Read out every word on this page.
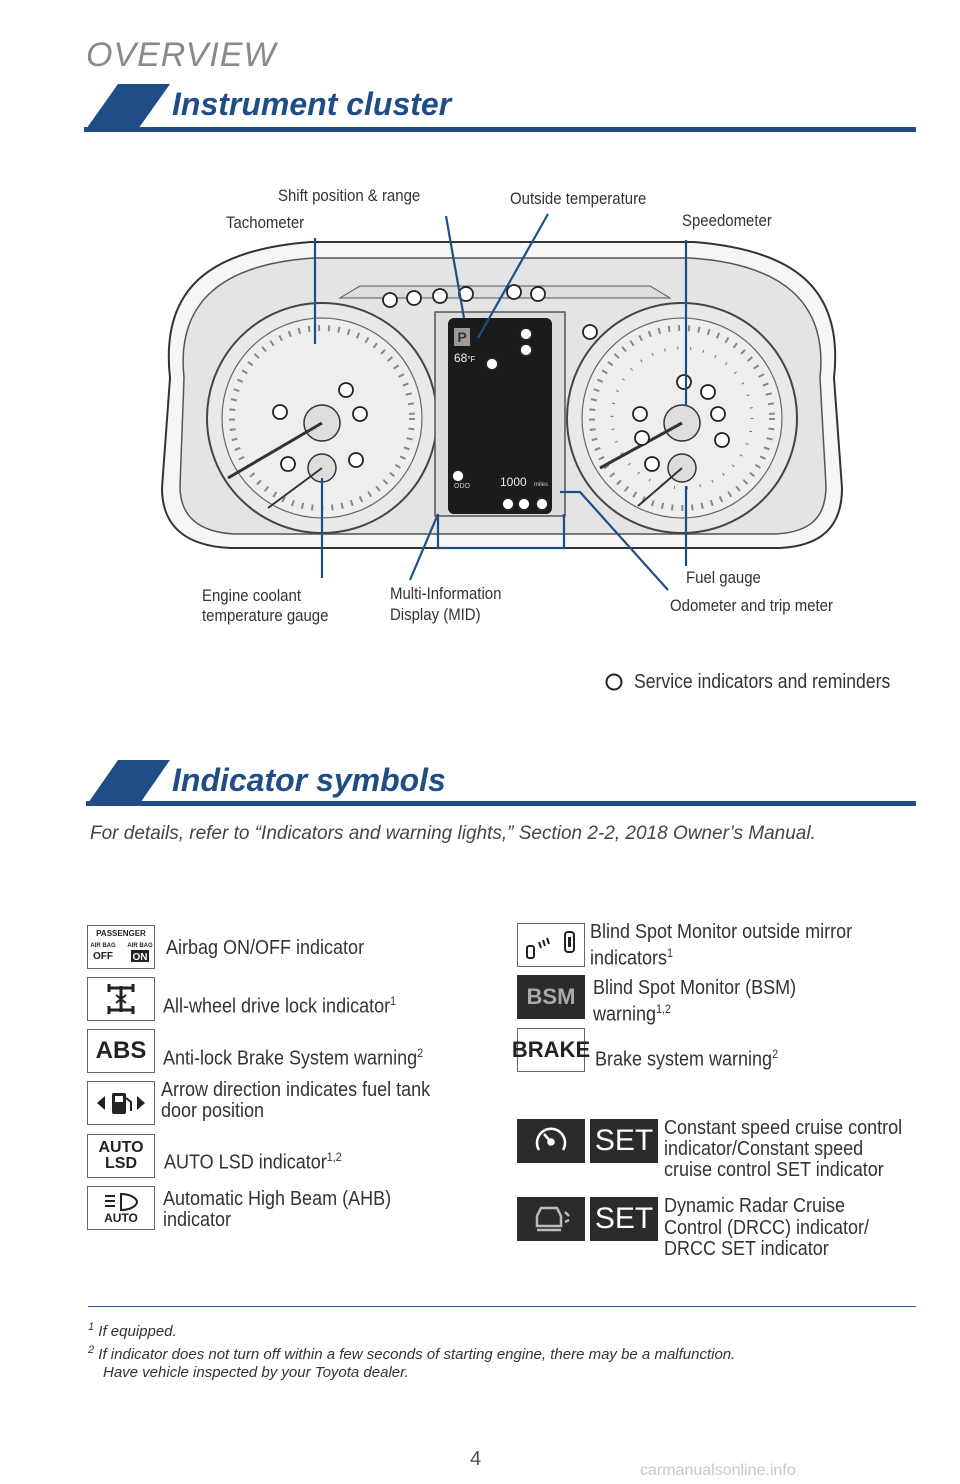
OVERVIEW
Instrument cluster
P
68°F
ODO	1000 miles
Shift position & range	Outside temperature
Tachometer	Speedometer
Fuel gauge
Engine coolant
temperature gauge
Multi-Information
Display (MID)	Odometer and trip meter
Service indicators and reminders
Indicator symbols
For details, refer to “Indicators and warning lights,” Section 2-2, 2018 Owner’s Manual.
PASSENGER
AIR BAG
OFF
AIR BAG
ON Airbag ON/OFF indicator
All-wheel drive lock indicator$^1$
ABS Anti-lock Brake System warning$^2$
Arrow direction indicates fuel tank
door position
AUTO
LSD AUTO LSD indicator$^{1,2}$
AUTO
Automatic High Beam (AHB)
indicator
Blind Spot Monitor outside mirror
indicators$^1$
BSM Blind Spot Monitor (BSM)
warning$^{1,2}$
BRAKE Brake system warning$^2$
SET Constant speed cruise control
indicator/Constant speed
cruise control SET indicator
SET Dynamic Radar Cruise
Control (DRCC) indicator/
DRCC SET indicator
$^1$ If equipped.
$^2$ If indicator does not turn off within a few seconds of starting engine, there may be a malfunction.
Have vehicle inspected by your Toyota dealer.
4
carmanualsonline.info
